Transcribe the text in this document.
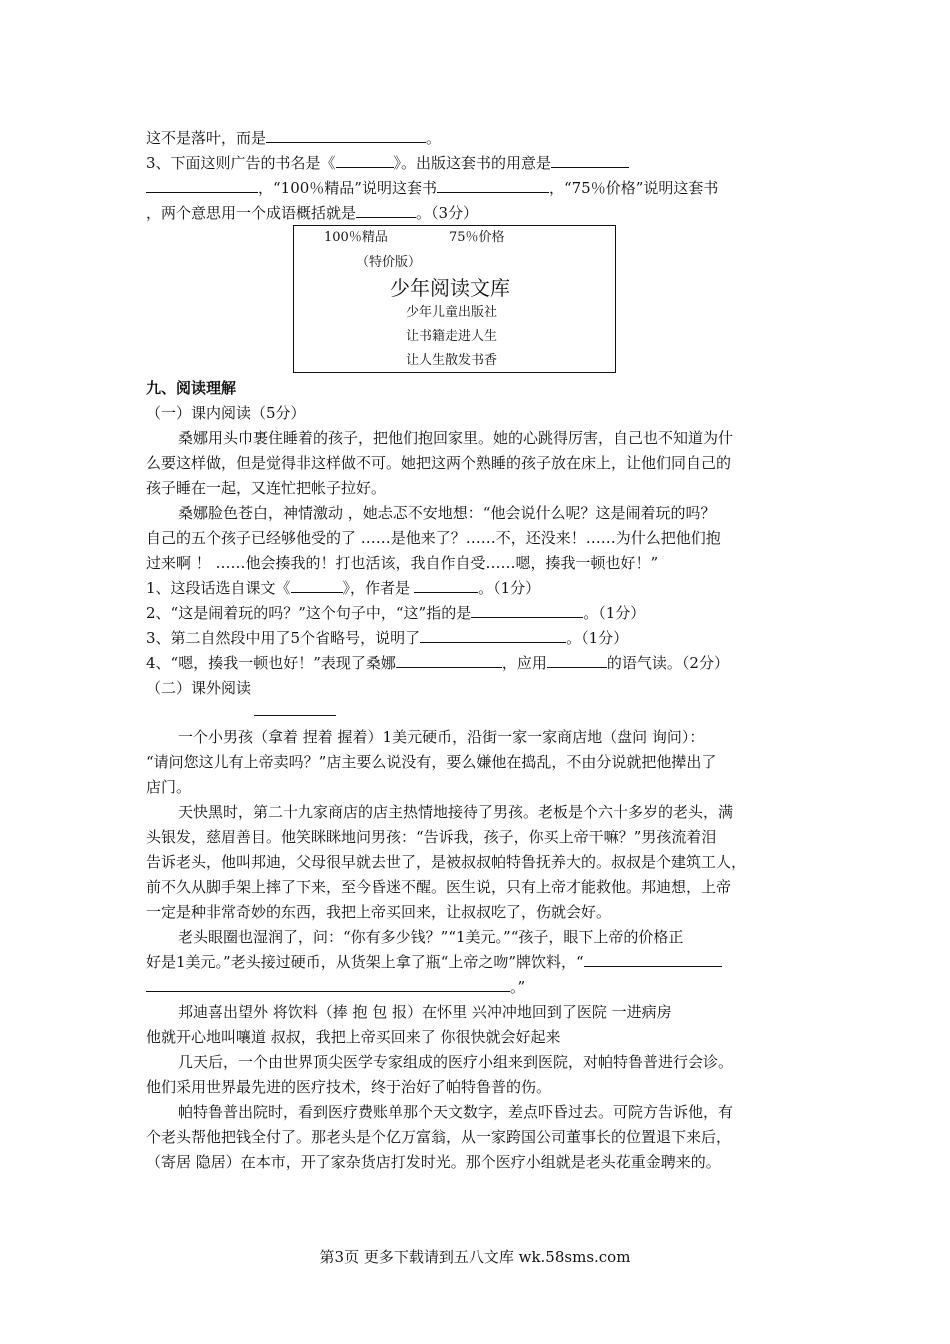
这不是落叶，而是	。
3、下面这则广告的书名是《	》。出版这套书的用意是
，“100％精品”说明这套书	，“75％价格”说明这套书
，两个意思用一个成语概括就是	。（3分）
100％精品	75％价格
（特价版）
少年阅读文库
少年儿童出版社
让书籍走进人生
让人生散发书香
九、阅读理解
（一）课内阅读（5分）
桑娜用头巾裹住睡着的孩子，把他们抱回家里。她的心跳得厉害，自己也不知道为什
么要这样做，但是觉得非这样做不可。她把这两个熟睡的孩子放在床上，让他们同自己的
孩子睡在一起，又连忙把帐子拉好。
桑娜脸色苍白，神情激动 ，她忐忑不安地想：“他会说什么呢？这是闹着玩的吗？
自己的五个孩子已经够他受的了 ……是他来了？……不，还没来！……为什么把他们抱
过来啊 ！ ……他会揍我的！打也活该，我自作自受……嗯，揍我一顿也好！”
1、这段话选自课文《	》，作者是	。（1分）
2、“这是闹着玩的吗？”这个句子中，“这”指的是	。（1分）
3、第二自然段中用了5个省略号，说明了	。（1分）
4、“嗯，揍我一顿也好！”表现了桑娜	，应用	的语气读。（2分）
（二）课外阅读
一个小男孩（拿着 捏着 握着）1美元硬币，沿街一家一家商店地（盘问 询问）：
“请问您这儿有上帝卖吗？”店主要么说没有，要么嫌他在捣乱，不由分说就把他撵出了
店门。
天快黑时，第二十九家商店的店主热情地接待了男孩。老板是个六十多岁的老头，满
头银发，慈眉善目。他笑眯眯地问男孩：“告诉我，孩子，你买上帝干嘛？”男孩流着泪
告诉老头，他叫邦迪，父母很早就去世了，是被叔叔帕特鲁抚养大的。叔叔是个建筑工人，
前不久从脚手架上摔了下来，至今昏迷不醒。医生说，只有上帝才能救他。邦迪想，上帝
一定是种非常奇妙的东西，我把上帝买回来，让叔叔吃了，伤就会好。
老头眼圈也湿润了，问：“你有多少钱？”“1美元。”“孩子，眼下上帝的价格正
好是1美元。”老头接过硬币，从货架上拿了瓶“上帝之吻”牌饮料，“
。”
邦迪喜出望外 将饮料（捧 抱 包 报）在怀里 兴冲冲地回到了医院 一进病房
他就开心地叫嚷道 叔叔，我把上帝买回来了 你很快就会好起来
几天后，一个由世界顶尖医学专家组成的医疗小组来到医院，对帕特鲁普进行会诊。
他们采用世界最先进的医疗技术，终于治好了帕特鲁普的伤。
帕特鲁普出院时，看到医疗费账单那个天文数字，差点吓昏过去。可院方告诉他，有
个老头帮他把钱全付了。那老头是个亿万富翁，从一家跨国公司董事长的位置退下来后，
（寄居 隐居）在本市，开了家杂货店打发时光。那个医疗小组就是老头花重金聘来的。
第3页 更多下载请到五八文库 wk.58sms.com
